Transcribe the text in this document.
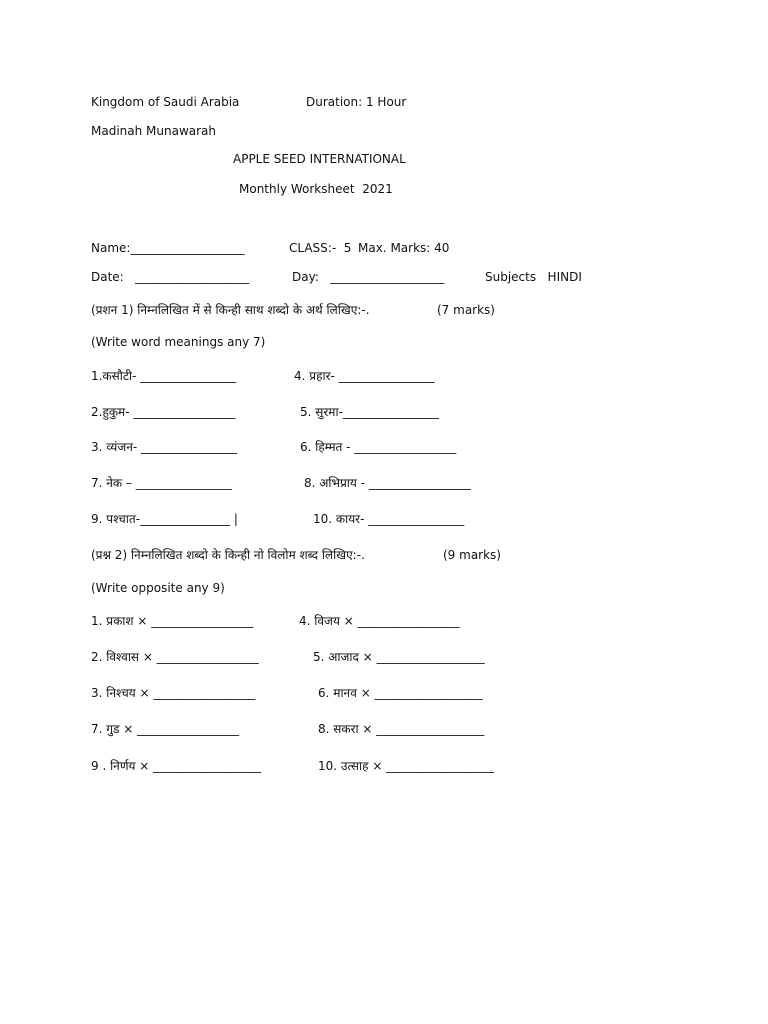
Kingdom of Saudi Arabia	Duration: 1 Hour
Madinah Munawarah
APPLE SEED INTERNATIONAL
Monthly Worksheet  2021
Name:___________________	CLASS:-  5 Max. Marks: 40
Date:   ___________________	Day:   ___________________	Subjects   HINDI
(प्रशन 1) निम्नलिखित में से किन्ही साथ शब्दो के अर्थ लिखिए:-.	(7 marks)
(Write word meanings any 7)
1.कसौटी- ________________	4. प्रहार- ________________
2.हुकुम- _________________	5. सुरमा-________________
3. व्यंजन- ________________	6. हिम्मत - _________________
7. नेक – ________________	8. अभिप्राय - _________________
9. पश्चात-_______________ |	10. कायर- ________________
(प्रश्न 2) निम्नलिखित शब्दो के किन्ही नो विलोम शब्द लिखिए:-.	(9 marks)
(Write opposite any 9)
1. प्रकाश × _________________	4. विजय × _________________
2. विश्वास × _________________	5. आजाद × __________________
3. निश्चय × _________________	6. मानव × __________________
7. गुड × _________________	8. सकरा × __________________
9 . निर्णय × __________________	10. उत्साह × __________________
